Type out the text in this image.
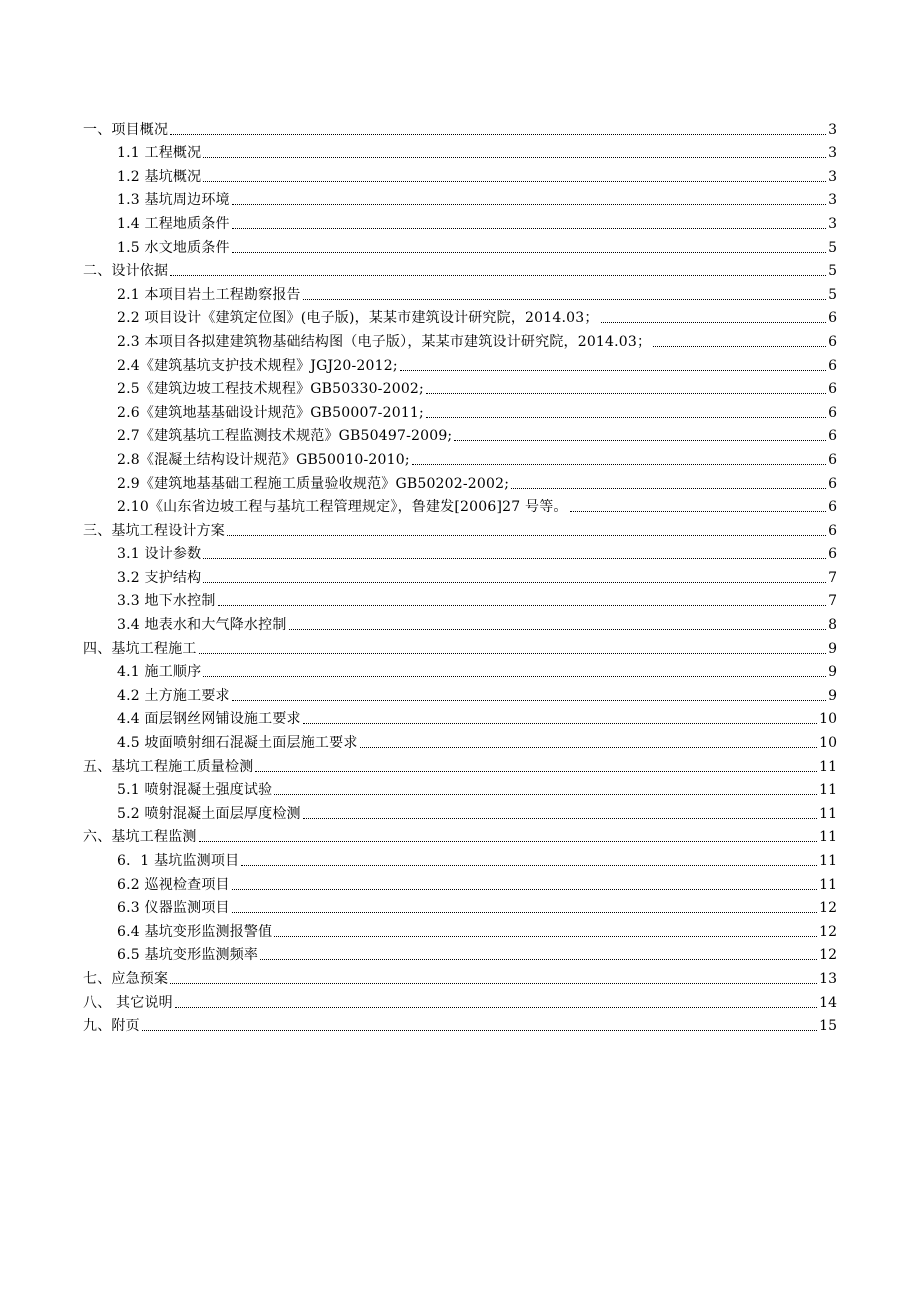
一、项目概况	3
1.1 工程概况	3
1.2 基坑概况	3
1.3 基坑周边环境	3
1.4 工程地质条件	3
1.5 水文地质条件	5
二、设计依据	5
2.1 本项目岩土工程勘察报告	5
2.2 项目设计《建筑定位图》(电子版)，某某市建筑设计研究院，2014.03；	6
2.3 本项目各拟建建筑物基础结构图（电子版），某某市建筑设计研究院，2014.03；	6
2.4《建筑基坑支护技术规程》JGJ20-2012;	6
2.5《建筑边坡工程技术规程》GB50330-2002;	6
2.6《建筑地基基础设计规范》GB50007-2011;	6
2.7《建筑基坑工程监测技术规范》GB50497-2009;	6
2.8《混凝土结构设计规范》GB50010-2010;	6
2.9《建筑地基基础工程施工质量验收规范》GB50202-2002;	6
2.10《山东省边坡工程与基坑工程管理规定》，鲁建发[2006]27 号等。	6
三、基坑工程设计方案	6
3.1 设计参数	6
3.2 支护结构	7
3.3 地下水控制	7
3.4 地表水和大气降水控制	8
四、基坑工程施工	9
4.1 施工顺序	9
4.2 土方施工要求	9
4.4 面层钢丝网铺设施工要求	10
4.5 坡面喷射细石混凝土面层施工要求	10
五、基坑工程施工质量检测	11
5.1 喷射混凝土强度试验	11
5.2 喷射混凝土面层厚度检测	11
六、基坑工程监测	11
6．1 基坑监测项目	11
6.2 巡视检查项目	11
6.3 仪器监测项目	12
6.4 基坑变形监测报警值	12
6.5 基坑变形监测频率	12
七、应急预案	13
八、 其它说明	14
九、附页	15
